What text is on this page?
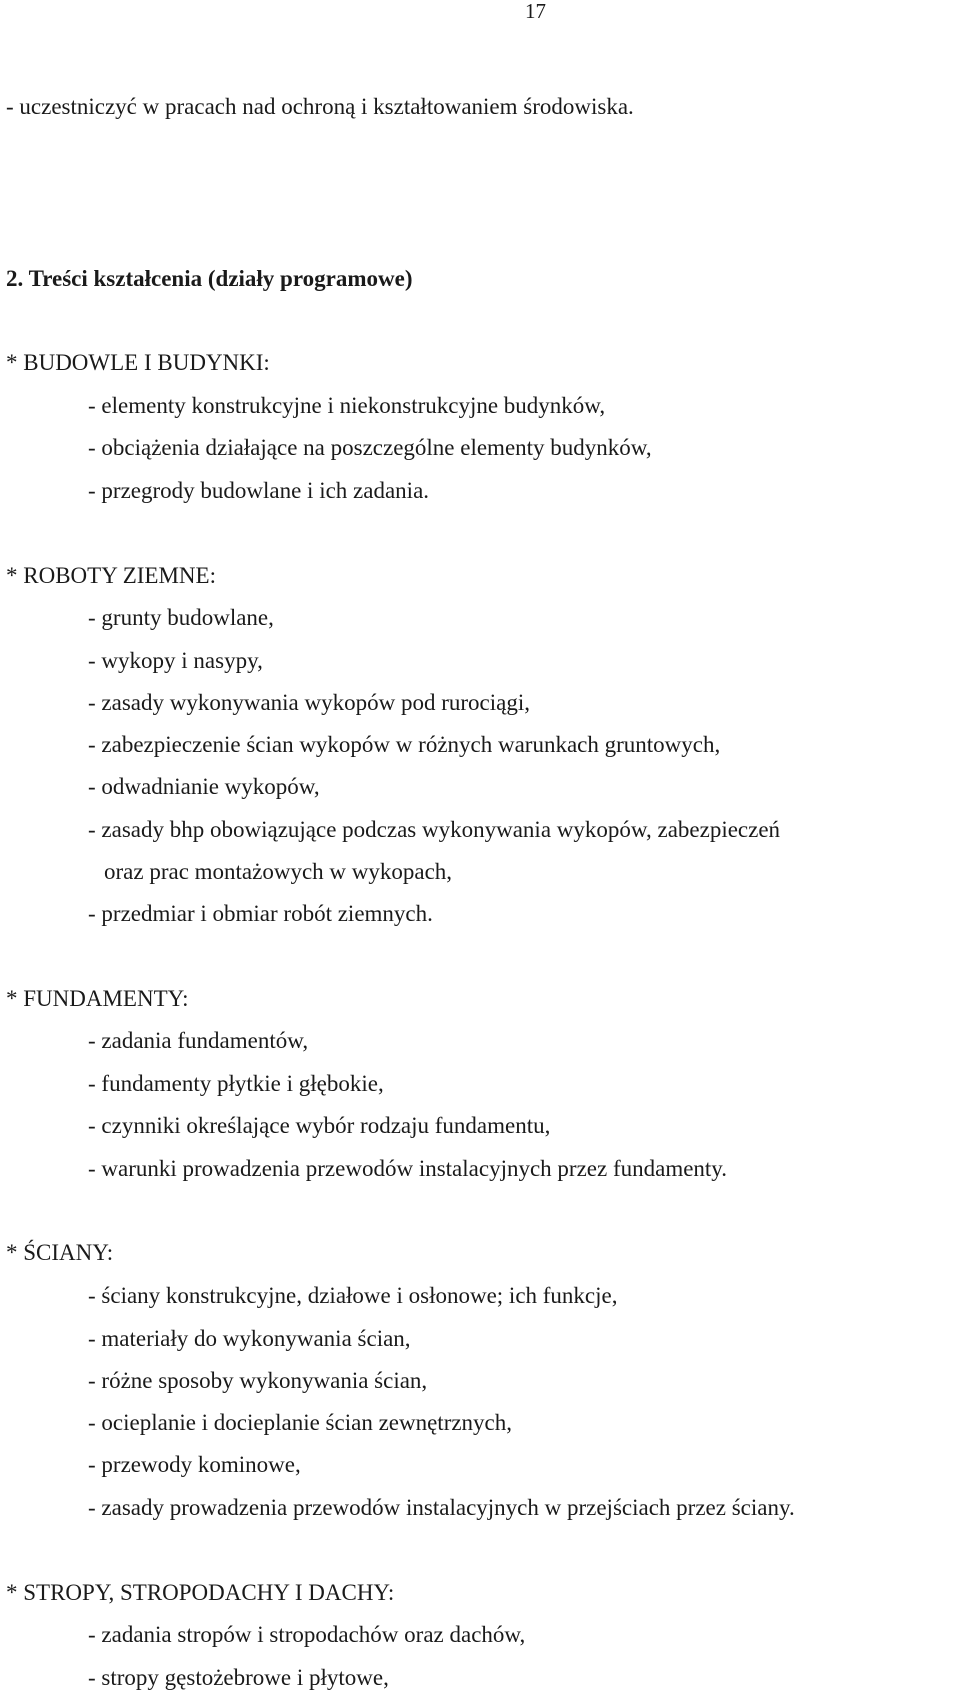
17
- uczestniczyć w pracach nad ochroną i kształtowaniem środowiska.
2. Treści kształcenia (działy programowe)
* BUDOWLE I BUDYNKI:
- elementy konstrukcyjne i niekonstrukcyjne budynków,
- obciążenia działające na poszczególne elementy budynków,
- przegrody budowlane i ich zadania.
* ROBOTY ZIEMNE:
- grunty budowlane,
- wykopy i nasypy,
- zasady wykonywania wykopów pod rurociągi,
- zabezpieczenie ścian wykopów w różnych warunkach gruntowych,
- odwadnianie wykopów,
- zasady bhp obowiązujące podczas wykonywania wykopów, zabezpieczeń
oraz prac montażowych w wykopach,
- przedmiar i obmiar robót ziemnych.
* FUNDAMENTY:
- zadania fundamentów,
- fundamenty płytkie i głębokie,
- czynniki określające wybór rodzaju fundamentu,
- warunki prowadzenia przewodów instalacyjnych przez fundamenty.
* ŚCIANY:
- ściany konstrukcyjne, działowe i osłonowe; ich funkcje,
- materiały do wykonywania ścian,
- różne sposoby wykonywania ścian,
- ocieplanie i docieplanie ścian zewnętrznych,
- przewody kominowe,
- zasady prowadzenia przewodów instalacyjnych w przejściach przez ściany.
* STROPY, STROPODACHY I DACHY:
- zadania stropów i stropodachów oraz dachów,
- stropy gęstożebrowe i płytowe,
